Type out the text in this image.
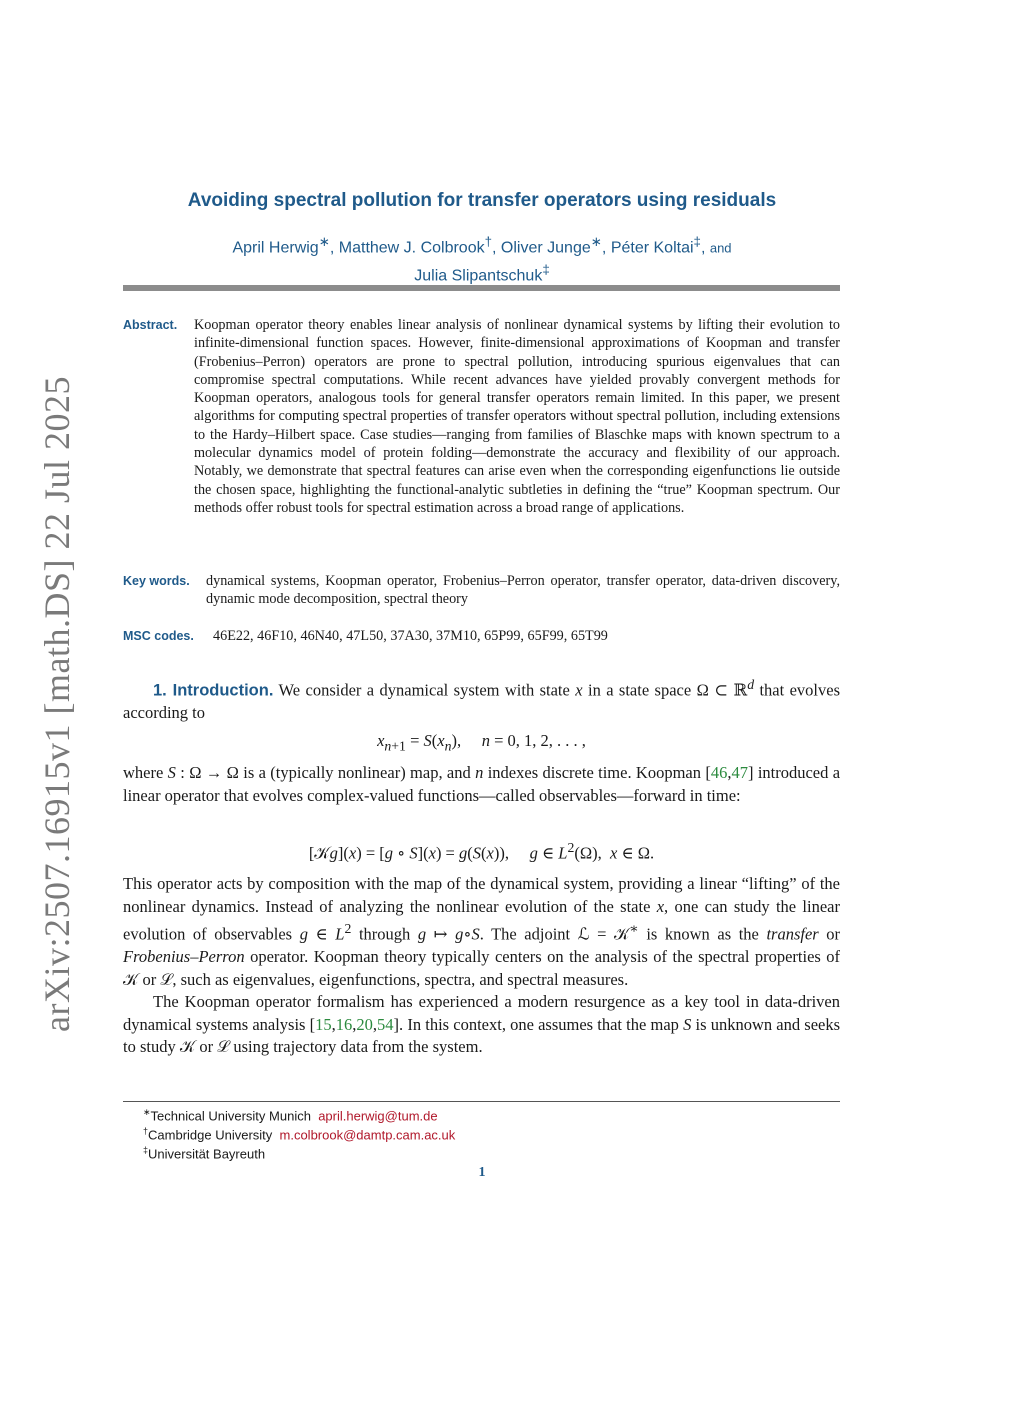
arXiv:2507.16915v1 [math.DS] 22 Jul 2025
Avoiding spectral pollution for transfer operators using residuals
April Herwig∗, Matthew J. Colbrook†, Oliver Junge∗, Péter Koltai‡, and
Julia Slipantschuk‡
Abstract. Koopman operator theory enables linear analysis of nonlinear dynamical systems by lifting their evolution to infinite-dimensional function spaces. However, finite-dimensional approximations of Koopman and transfer (Frobenius–Perron) operators are prone to spectral pollution, introducing spurious eigenvalues that can compromise spectral computations. While recent advances have yielded provably convergent methods for Koopman operators, analogous tools for general transfer operators remain limited. In this paper, we present algorithms for computing spectral properties of transfer operators without spectral pollution, including extensions to the Hardy–Hilbert space. Case studies—ranging from families of Blaschke maps with known spectrum to a molecular dynamics model of protein folding—demonstrate the accuracy and flexibility of our approach. Notably, we demonstrate that spectral features can arise even when the corresponding eigenfunctions lie outside the chosen space, highlighting the functional-analytic subtleties in defining the “true” Koopman spectrum. Our methods offer robust tools for spectral estimation across a broad range of applications.
Key words. dynamical systems, Koopman operator, Frobenius–Perron operator, transfer operator, data-driven discovery, dynamic mode decomposition, spectral theory
MSC codes. 46E22, 46F10, 46N40, 47L50, 37A30, 37M10, 65P99, 65F99, 65T99

1. Introduction. We consider a dynamical system with state x in a state space Ω ⊂ ℝ$^d$ that evolves according to

$x_{n+1} = S(x_n)$,     n = 0, 1, 2, . . . ,

where S : Ω → Ω is a (typically nonlinear) map, and n indexes discrete time. Koopman [46,47] introduced a linear operator that evolves complex-valued functions—called observables—forward in time:

[𝒦g](x) = [g ∘ S](x) = g(S(x)),     g ∈ $L^2(\Omega)$,  x ∈ Ω.

This operator acts by composition with the map of the dynamical system, providing a linear “lifting” of the nonlinear dynamics. Instead of analyzing the nonlinear evolution of the state x, one can study the linear evolution of observables g ∈ $L^2$ through g ↦ g∘S. The adjoint ℒ = 𝒦∗ is known as the transfer or Frobenius–Perron operator. Koopman theory typically centers on the analysis of the spectral properties of 𝒦 or ℒ, such as eigenvalues, eigenfunctions, spectra, and spectral measures.

The Koopman operator formalism has experienced a modern resurgence as a key tool in data-driven dynamical systems analysis [15,16,20,54]. In this context, one assumes that the map S is unknown and seeks to study 𝒦 or ℒ using trajectory data from the system.

∗Technical University Munich april.herwig@tum.de
†Cambridge University m.colbrook@damtp.cam.ac.uk
‡Universität Bayreuth
1
